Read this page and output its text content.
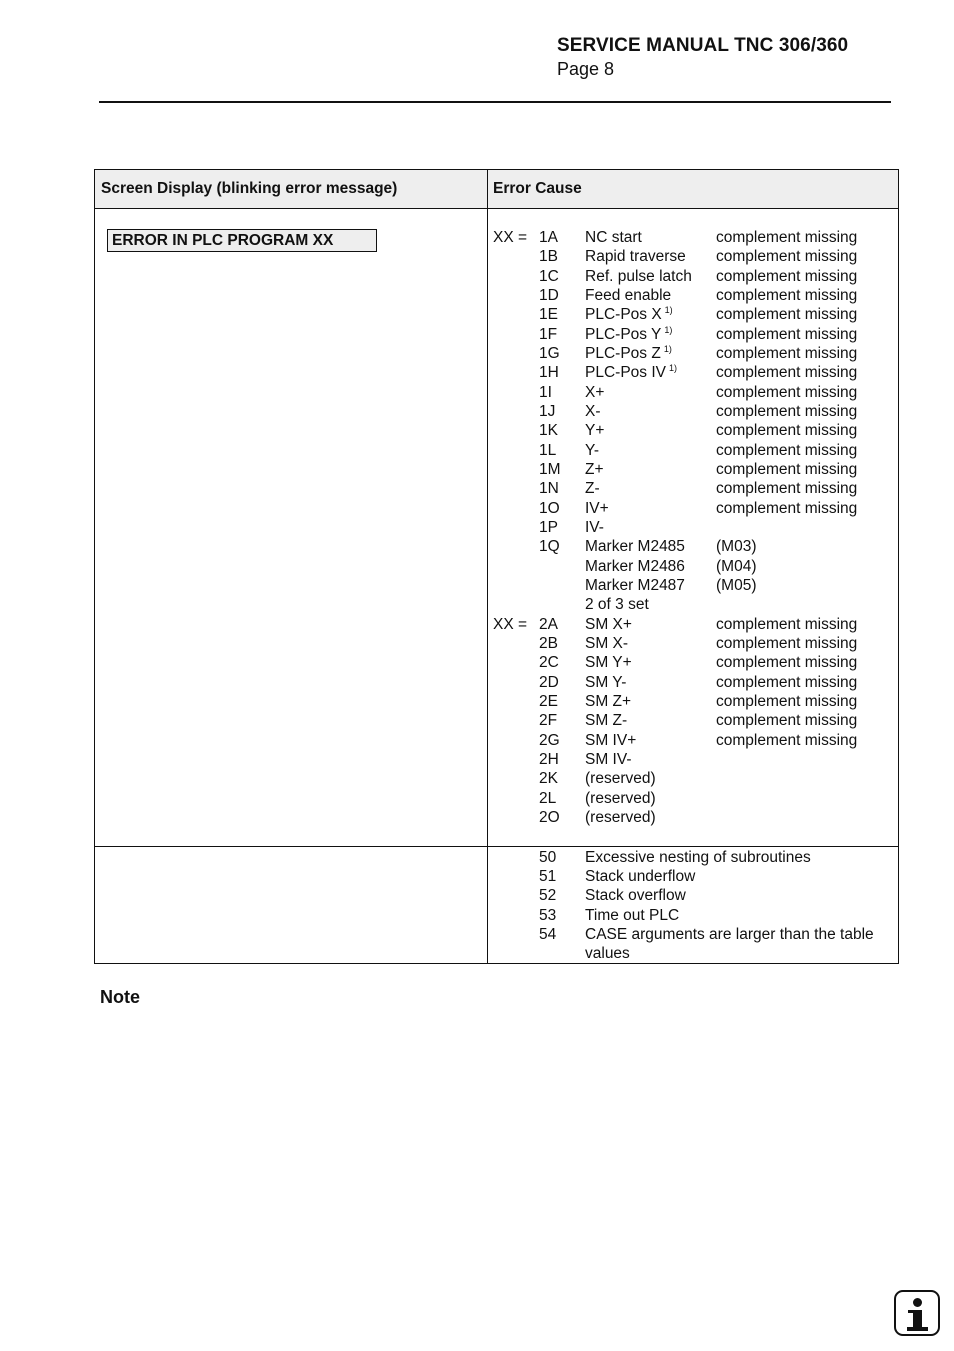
SERVICE MANUAL TNC 306/360
Page 8
Screen Display (blinking error message)	Error Cause
ERROR IN PLC PROGRAM XX	XX = 1A NC start	complement missing
1B Rapid traverse complement missing
1C Ref. pulse latch complement missing
1D Feed enable	complement missing
1E PLC-Pos X $^{1)}$	complement missing
1F PLC-Pos Y $^{1)}$	complement missing
1G PLC-Pos Z $^{1)}$	complement missing
1H PLC-Pos IV $^{1)}$	complement missing
1I X+	complement missing
1J X-	complement missing
1K Y+	complement missing
1L Y-	complement missing
1M Z+	complement missing
1N Z-	complement missing
1O IV+	complement missing
1P IV-
1Q Marker M2485 (M03)
Marker M2486 (M04)
Marker M2487 (M05)
2 of 3 set
XX = 2A SM X+	complement missing
2B SM X-	complement missing
2C SM Y+	complement missing
2D SM Y-	complement missing
2E SM Z+	complement missing
2F SM Z-	complement missing
2G SM IV+	complement missing
2H SM IV-
2K (reserved)
2L (reserved)
2O (reserved)
50 Excessive nesting of subroutines
51 Stack underflow
52 Stack overflow
53 Time out PLC
54 CASE arguments are larger than the table
values
Note
